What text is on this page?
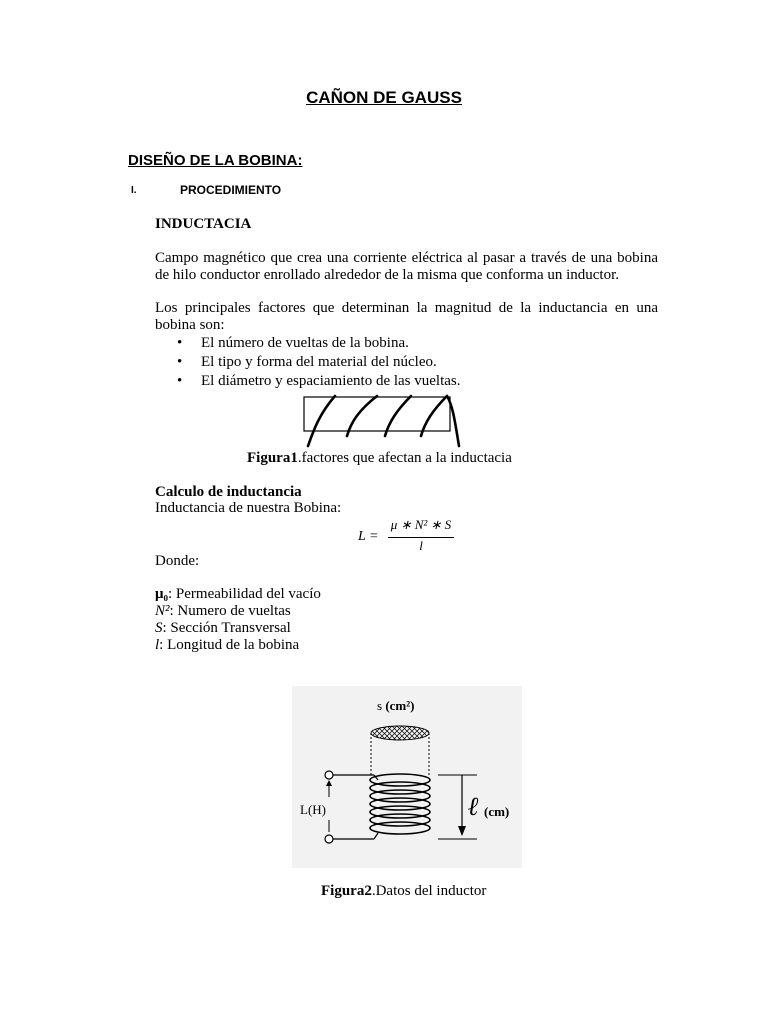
CAÑON DE GAUSS
DISEÑO DE LA BOBINA:
I.	PROCEDIMIENTO
INDUCTACIA
Campo magnético que crea una corriente eléctrica al pasar a través de una bobina de hilo conductor enrollado alrededor de la misma que conforma un inductor.
Los principales factores que determinan la magnitud de la inductancia en una bobina son:
• El número de vueltas de la bobina.
• El tipo y forma del material del núcleo.
• El diámetro y espaciamiento de las vueltas.
Figura1.factores que afectan a la inductacia
Calculo de inductancia
Inductancia de nuestra Bobina:
L =
μ ∗ N² ∗ S
l
Donde:
μ₀: Permeabilidad del vacío
N²: Numero de vueltas
S: Sección Transversal
l: Longitud de la bobina
s (cm²)
L(H)	ℓ (cm)
Figura2.Datos del inductor
